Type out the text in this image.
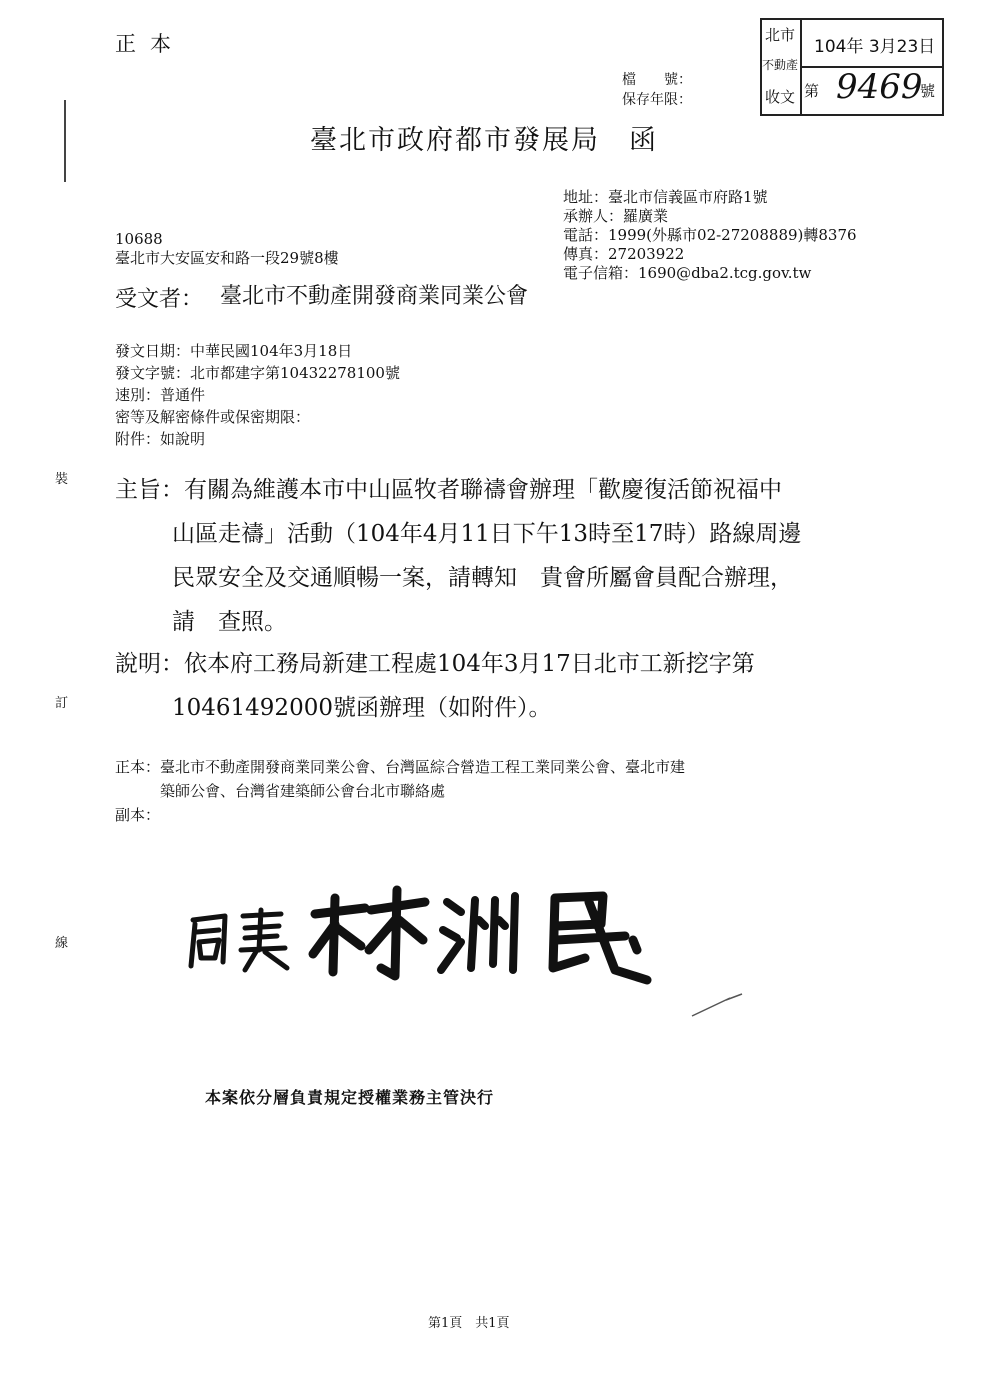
正本
檔　　號：
保存年限：
北市
不動產
收文
104年 3月23日
第 9469
號
臺北市政府都市發展局　函
地址：臺北市信義區市府路1號
承辦人：羅廣業
電話：1999(外縣市02-27208889)轉8376
傳真：27203922
電子信箱：1690@dba2.tcg.gov.tw
10688
臺北市大安區安和路一段29號8樓
受文者： 臺北市不動產開發商業同業公會
發文日期：中華民國104年3月18日
發文字號：北市都建字第10432278100號
速別：普通件
密等及解密條件或保密期限：
附件：如說明
主旨：有關為維護本市中山區牧者聯禱會辦理「歡慶復活節祝福中
山區走禱」活動（104年4月11日下午13時至17時）路線周邊
民眾安全及交通順暢一案，請轉知　貴會所屬會員配合辦理，
請　查照。
說明：依本府工務局新建工程處104年3月17日北市工新挖字第
10461492000號函辦理（如附件）。
正本：臺北市不動產開發商業同業公會、台灣區綜合營造工程工業同業公會、臺北市建
　　　築師公會、台灣省建築師公會台北市聯絡處
副本：
裝
訂
線
本案依分層負責規定授權業務主管決行
第1頁　共1頁
